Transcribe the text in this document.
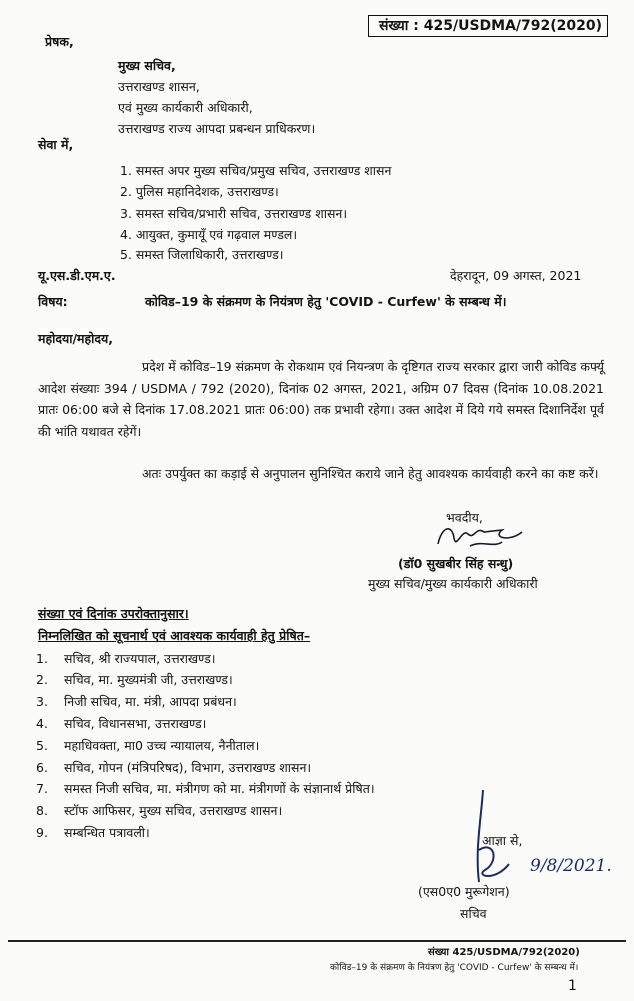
संख्या : 425/USDMA/792(2020)
प्रेषक,
मुख्य सचिव,
उत्तराखण्ड शासन,
एवं मुख्य कार्यकारी अधिकारी,
उत्तराखण्ड राज्य आपदा प्रबन्धन प्राधिकरण।
सेवा में,
1. समस्त अपर मुख्य सचिव/प्रमुख सचिव, उत्तराखण्ड शासन
2. पुलिस महानिदेशक, उत्तराखण्ड।
3. समस्त सचिव/प्रभारी सचिव, उत्तराखण्ड शासन।
4. आयुक्त, कुमायूँ एवं गढ़वाल मण्डल।
5. समस्त जिलाधिकारी, उत्तराखण्ड।
यू.एस.डी.एम.ए.	देहरादून, 09 अगस्त, 2021
विषय:	कोविड–19 के संक्रमण के नियंत्रण हेतु 'COVID - Curfew' के सम्बन्ध में।
महोदया/महोदय,
प्रदेश में कोविड–19 संक्रमण के रोकथाम एवं नियन्त्रण के दृष्टिगत राज्य सरकार द्वारा जारी कोविड कर्फ्यू आदेश संख्याः 394 / USDMA / 792 (2020), दिनांक 02 अगस्त, 2021, अग्रिम 07 दिवस (दिनांक 10.08.2021 प्रातः 06:00 बजे से दिनांक 17.08.2021 प्रातः 06:00) तक प्रभावी रहेगा। उक्त आदेश में दिये गये समस्त दिशानिर्देश पूर्व की भांति यथावत रहेगें।
अतः उपर्युक्त का कड़ाई से अनुपालन सुनिश्चित कराये जाने हेतु आवश्यक कार्यवाही करने का कष्ट करें।
भवदीय,
(डॉ0 सुखबीर सिंह सन्धु)
मुख्य सचिव/मुख्य कार्यकारी अधिकारी
संख्या एवं दिनांक उपरोक्तानुसार।
निम्नलिखित को सूचनार्थ एवं आवश्यक कार्यवाही हेतु प्रेषित–
1. सचिव, श्री राज्यपाल, उत्तराखण्ड।
2. सचिव, मा. मुख्यमंत्री जी, उत्तराखण्ड।
3. निजी सचिव, मा. मंत्री, आपदा प्रबंधन।
4. सचिव, विधानसभा, उत्तराखण्ड।
5. महाधिवक्ता, मा0 उच्च न्यायालय, नैनीताल।
6. सचिव, गोपन (मंत्रिपरिषद), विभाग, उत्तराखण्ड शासन।
7. समस्त निजी सचिव, मा. मंत्रीगण को मा. मंत्रीगणों के संज्ञानार्थ प्रेषित।
8. स्टॉफ आफिसर, मुख्य सचिव, उत्तराखण्ड शासन।
9. सम्बन्धित पत्रावली।
आज्ञा से,
9/8/2021.
(एस0ए0 मुरूगेशन)
सचिव
संख्या 425/USDMA/792(2020)
कोविड–19 के संक्रमण के नियंत्रण हेतु 'COVID - Curfew' के सम्बन्ध में।
1
